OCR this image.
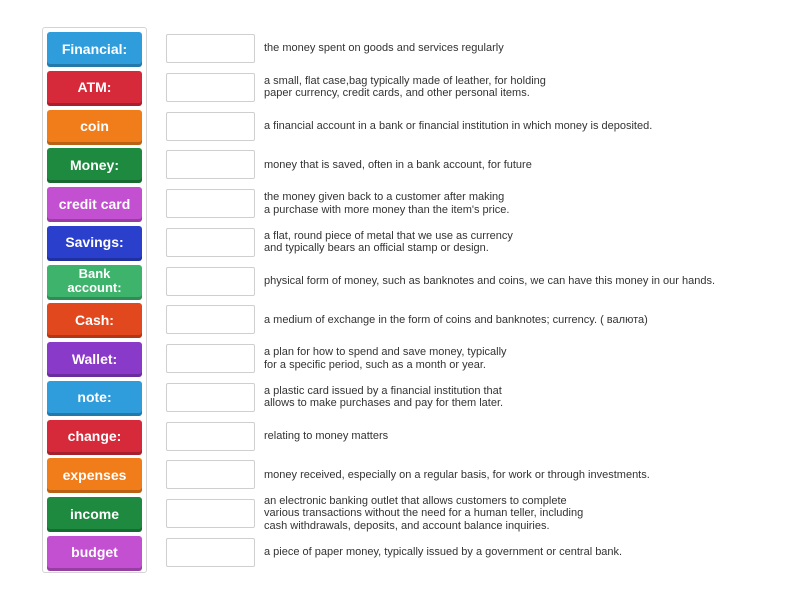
Financial:
ATM:
coin
Money:
credit card
Savings:
Bank
account:
Cash:
Wallet:
note:
change:
expenses
income
budget
the money spent on goods and services regularly
a small, flat case,bag typically made of leather, for holding
paper currency, credit cards, and other personal items.
a financial account in a bank or financial institution in which money is deposited.
money that is saved, often in a bank account, for future
the money given back to a customer after making
a purchase with more money than the item's price.
a flat, round piece of metal that we use as currency
and typically bears an official stamp or design.
physical form of money, such as banknotes and coins, we can have this money in our hands.
a medium of exchange in the form of coins and banknotes; currency. ( валюта)
a plan for how to spend and save money, typically
for a specific period, such as a month or year.
a plastic card issued by a financial institution that
allows to make purchases and pay for them later.
relating to money matters
money received, especially on a regular basis, for work or through investments.
an electronic banking outlet that allows customers to complete
various transactions without the need for a human teller, including
cash withdrawals, deposits, and account balance inquiries.
a piece of paper money, typically issued by a government or central bank.
